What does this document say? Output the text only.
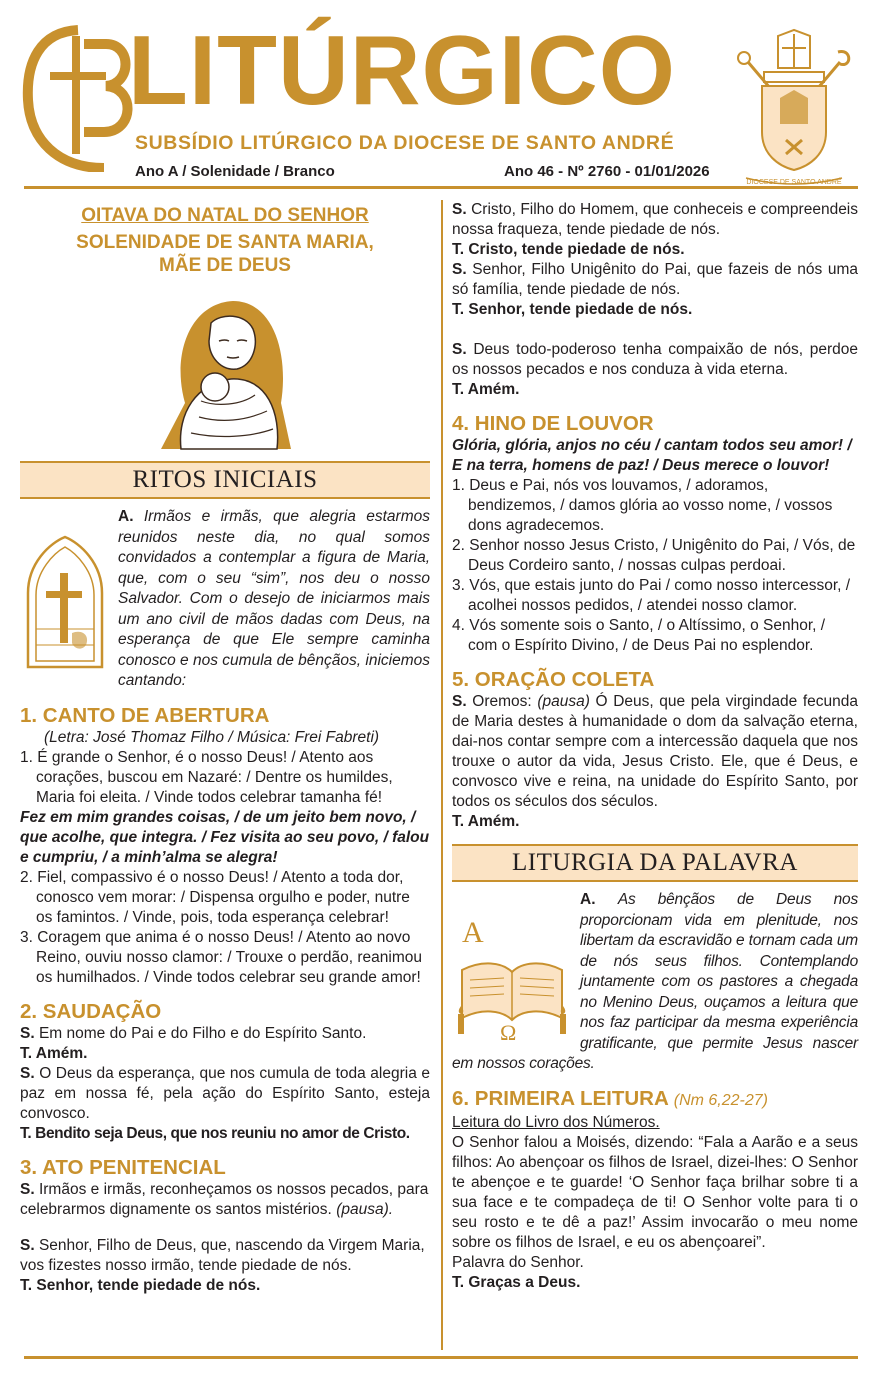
LITÚRGICO
SUBSÍDIO LITÚRGICO DA DIOCESE DE SANTO ANDRÉ
Ano A / Solenidade / Branco	Ano 46 - Nº 2760 - 01/01/2026
DIOCESE DE SANTO ANDRÉ
OITAVA DO NATAL DO SENHOR
SOLENIDADE DE SANTA MARIA,
MÃE DE DEUS
RITOS INICIAIS

A. Irmãos e irmãs, que alegria estarmos reunidos neste dia, no qual somos convidados a contemplar a figura de Maria, que, com o seu “sim”, nos deu o nosso Salvador. Com o desejo de iniciarmos mais um ano civil de mãos dadas com Deus, na esperança de que Ele sempre caminha conosco e nos cumula de bênçãos, iniciemos cantando:

1. CANTO DE ABERTURA

(Letra: José Thomaz Filho / Música: Frei Fabreti)

1. É grande o Senhor, é o nosso Deus! / Atento aos corações, buscou em Nazaré: / Dentre os humildes, Maria foi eleita. / Vinde todos celebrar tamanha fé!

Fez em mim grandes coisas, / de um jeito bem novo, / que acolhe, que integra. / Fez visita ao seu povo, / falou e cumpriu, / a minh’alma se alegra!

2. Fiel, compassivo é o nosso Deus! / Atento a toda dor, conosco vem morar: / Dispensa orgulho e poder, nutre os famintos. / Vinde, pois, toda esperança celebrar!

3. Coragem que anima é o nosso Deus! / Atento ao novo Reino, ouviu nosso clamor: / Trouxe o perdão, reanimou os humilhados. / Vinde todos celebrar seu grande amor!

2. SAUDAÇÃO

S. Em nome do Pai e do Filho e do Espírito Santo.

T. Amém.

S. O Deus da esperança, que nos cumula de toda alegria e paz em nossa fé, pela ação do Espírito Santo, esteja convosco.

T. Bendito seja Deus, que nos reuniu no amor de Cristo.

3. ATO PENITENCIAL

S. Irmãos e irmãs, reconheçamos os nossos pecados, para celebrarmos dignamente os santos mistérios. (pausa).

S. Senhor, Filho de Deus, que, nascendo da Virgem Maria, vos fizestes nosso irmão, tende piedade de nós.

T. Senhor, tende piedade de nós.

S. Cristo, Filho do Homem, que conheceis e compreendeis nossa fraqueza, tende piedade de nós.

T. Cristo, tende piedade de nós.

S. Senhor, Filho Unigênito do Pai, que fazeis de nós uma só família, tende piedade de nós.

T. Senhor, tende piedade de nós.

S. Deus todo-poderoso tenha compaixão de nós, perdoe os nossos pecados e nos conduza à vida eterna.

T. Amém.

4. HINO DE LOUVOR

Glória, glória, anjos no céu / cantam todos seu amor! / E na terra, homens de paz! / Deus merece o louvor!

1. Deus e Pai, nós vos louvamos, / adoramos, bendizemos, / damos glória ao vosso nome, / vossos dons agradecemos.

2. Senhor nosso Jesus Cristo, / Unigênito do Pai, / Vós, de Deus Cordeiro santo, / nossas culpas perdoai.

3. Vós, que estais junto do Pai / como nosso intercessor, / acolhei nossos pedidos, / atendei nosso clamor.

4. Vós somente sois o Santo, / o Altíssimo, o Senhor, / com o Espírito Divino, / de Deus Pai no esplendor.

5. ORAÇÃO COLETA

S. Oremos: (pausa) Ó Deus, que pela virgindade fecunda de Maria destes à humanidade o dom da salvação eterna, dai-nos contar sempre com a intercessão daquela que nos trouxe o autor da vida, Jesus Cristo. Ele, que é Deus, e convosco vive e reina, na unidade do Espírito Santo, por todos os séculos dos séculos.

T. Amém.

LITURGIA DA PALAVRA
A
Ω

A. As bênçãos de Deus nos proporcionam vida em plenitude, nos libertam da escravidão e tornam cada um de nós seus filhos. Contemplando juntamente com os pastores a chegada no Menino Deus, ouçamos a leitura que nos faz participar da mesma experiência gratificante, que permite Jesus nascer em nossos corações.

6. PRIMEIRA LEITURA (Nm 6,22-27)

Leitura do Livro dos Números.

O Senhor falou a Moisés, dizendo: “Fala a Aarão e a seus filhos: Ao abençoar os filhos de Israel, dizei-lhes: O Senhor te abençoe e te guarde! ‘O Senhor faça brilhar sobre ti a sua face e te compadeça de ti! O Senhor volte para ti o seu rosto e te dê a paz!’ Assim invocarão o meu nome sobre os filhos de Israel, e eu os abençoarei”.

Palavra do Senhor.

T. Graças a Deus.
